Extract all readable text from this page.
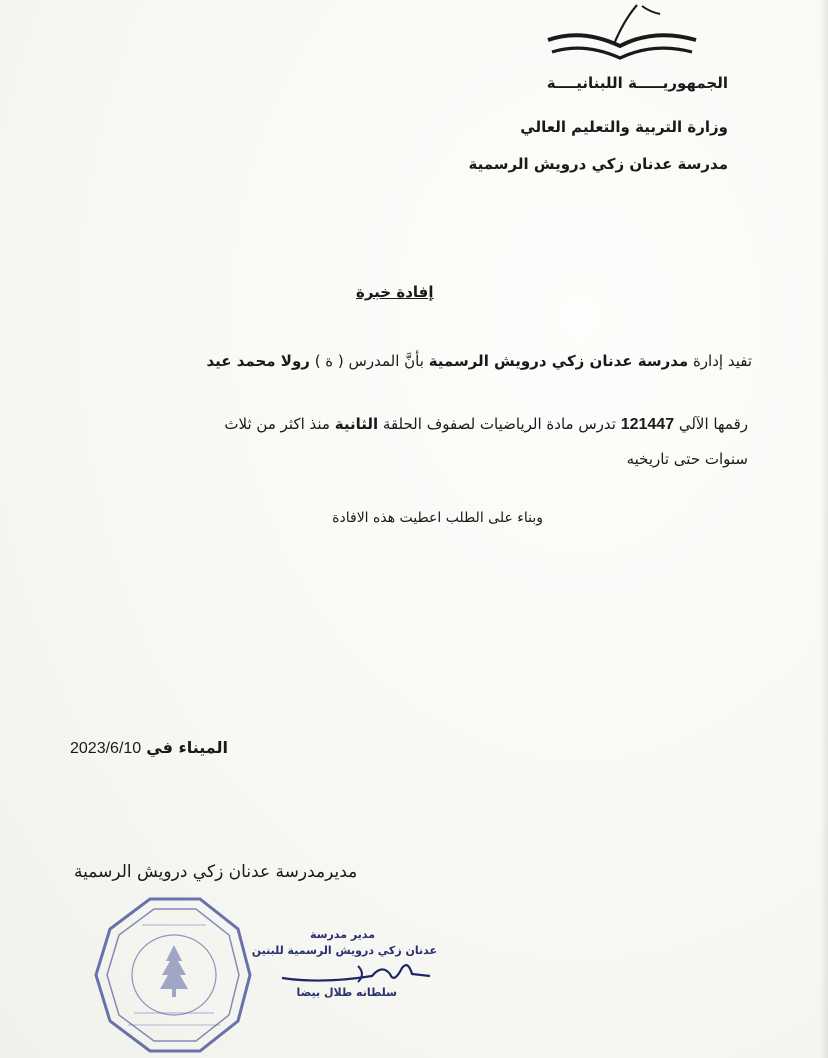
الجمهوريـــــة اللبنانيــــة
وزارة التربية والتعليم العالي
مدرسة عدنان زكي درويش الرسمية
إفادة خبرة
تفيد إدارة مدرسة عدنان زكي درويش الرسمية بأنَّ المدرس ( ة ) رولا محمد عيد
رقمها الآلي 121447 تدرس مادة الرياضيات لصفوف الحلقة الثانية منذ اكثر من ثلاث
سنوات حتى تاريخيه
وبناء على الطلب اعطيت هذه الافادة
الميناء في 2023/6/10
مديرمدرسة عدنان زكي درويش الرسمية
مدير مدرسة
عدنان زكي درويش الرسمية للبنين
سلطانه طلال بيضا
